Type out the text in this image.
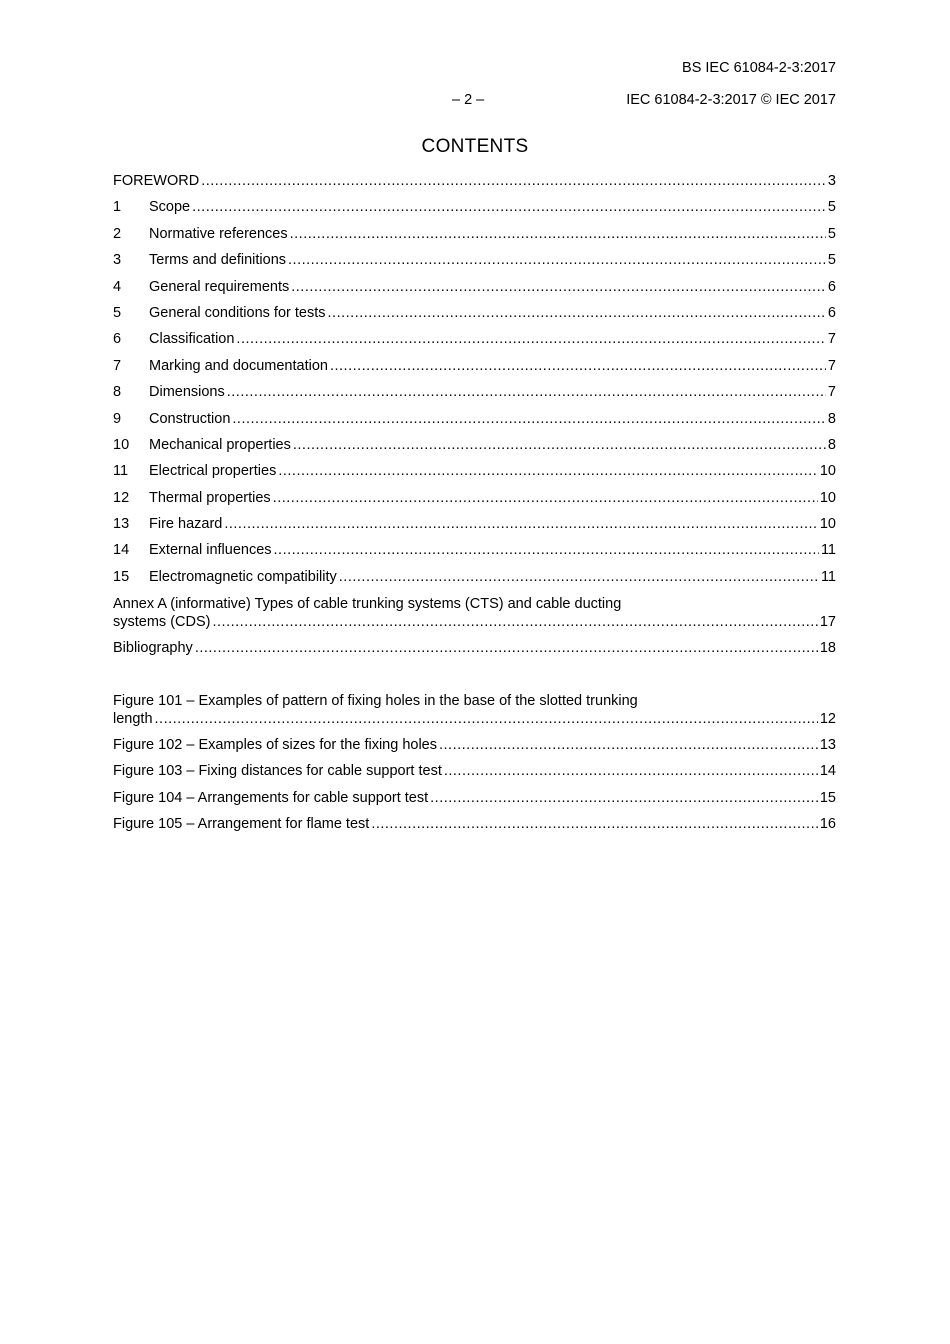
BS IEC 61084-2-3:2017
– 2 –	IEC 61084-2-3:2017 © IEC 2017
CONTENTS
FOREWORD .....	3
1	Scope .....	5
2	Normative references .....	5
3	Terms and definitions .....	5
4	General requirements .....	6
5	General conditions for tests .....	6
6	Classification .....	7
7	Marking and documentation .....	7
8	Dimensions .....	7
9	Construction .....	8
10	Mechanical properties .....	8
11	Electrical properties .....	10
12	Thermal properties .....	10
13	Fire hazard .....	10
14	External influences .....	11
15	Electromagnetic compatibility .....	11
Annex A (informative) Types of cable trunking systems (CTS) and cable ducting
systems (CDS) .....	17
Bibliography .....	18
Figure 101 – Examples of pattern of fixing holes in the base of the slotted trunking
length .....	12
Figure 102 – Examples of sizes for the fixing holes .....	13
Figure 103 – Fixing distances for cable support test .....	14
Figure 104 – Arrangements for cable support test .....	15
Figure 105 – Arrangement for flame test .....	16
